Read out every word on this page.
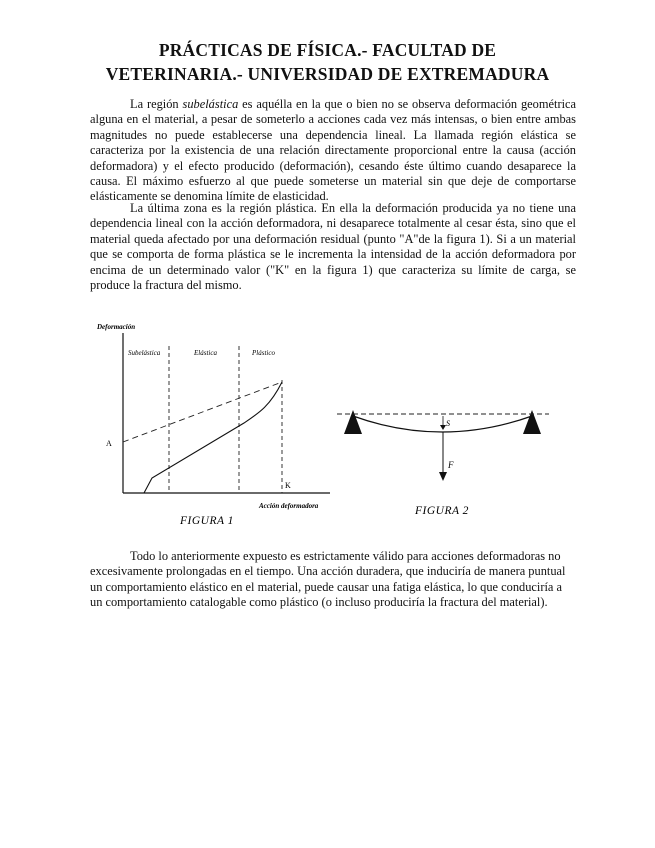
PRÁCTICAS DE FÍSICA.- FACULTAD DE
VETERINARIA.- UNIVERSIDAD DE EXTREMADURA
La región subelástica es aquélla en la que o bien no se observa deformación geométrica alguna en el material, a pesar de someterlo a acciones cada vez más intensas, o bien entre ambas magnitudes no puede establecerse una dependencia lineal. La llamada región elástica se caracteriza por la existencia de una relación directamente proporcional entre la causa (acción deformadora) y el efecto producido (deformación), cesando éste último cuando desaparece la causa. El máximo esfuerzo al que puede someterse un material sin que deje de comportarse elásticamente se denomina límite de elasticidad.
La última zona es la región plástica. En ella la deformación producida ya no tiene una dependencia lineal con la acción deformadora, ni desaparece totalmente al cesar ésta, sino que el material queda afectado por una deformación residual (punto "A"de la figura 1). Si a un material que se comporta de forma plástica se le incrementa la intensidad de la acción deformadora por encima de un determinado valor ("K" en la figura 1) que caracteriza su límite de carga, se produce la fractura del mismo.
Deformación
Subelástica	Elástica	Plástico
A
K
Acción deformadora
FIGURA 1
S
F
FIGURA 2
Todo lo anteriormente expuesto es estrictamente válido para acciones deformadoras no excesivamente prolongadas en el tiempo. Una acción duradera, que induciría de manera puntual un comportamiento elástico en el material, puede causar una fatiga elástica, lo que conduciría a un comportamiento catalogable como plástico (o incluso produciría la fractura del material).
